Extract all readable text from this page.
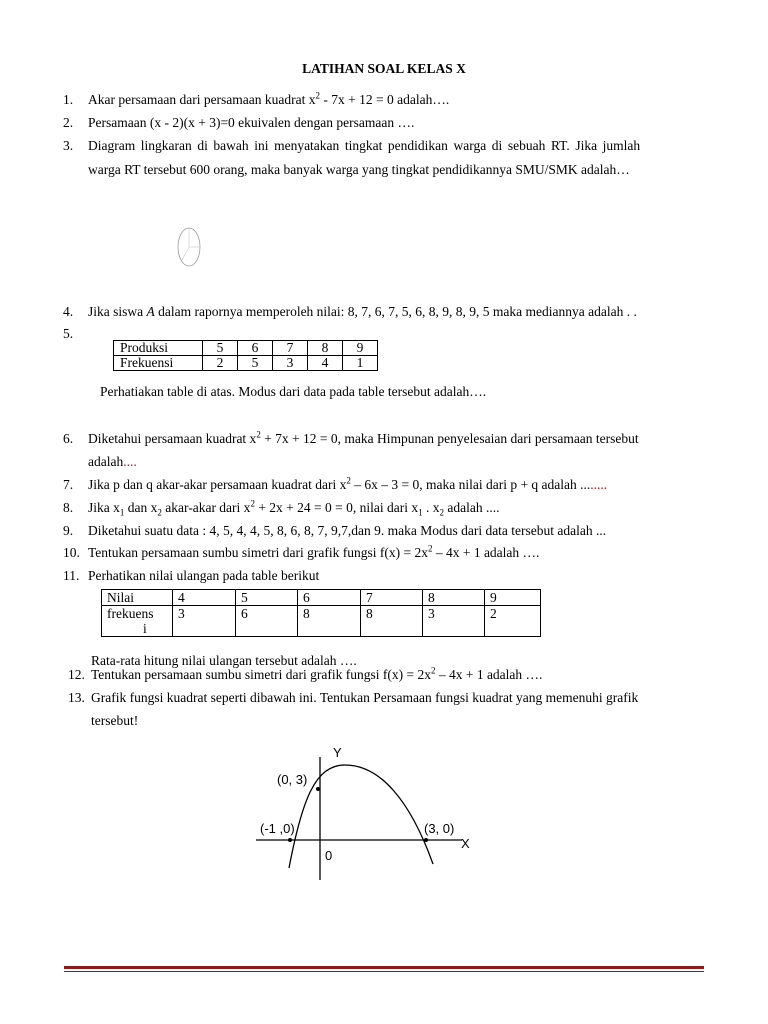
LATIHAN SOAL KELAS X
1. Akar persamaan dari persamaan kuadrat $x^2 - 7x + 12 = 0$ adalah….
2. Persamaan (x - 2)(x + 3)=0 ekuivalen dengan persamaan ….
3. Diagram lingkaran di bawah ini menyatakan tingkat pendidikan warga di sebuah RT. Jika jumlah
warga RT tersebut 600 orang, maka banyak warga yang tingkat pendidikannya SMU/SMK adalah…
4. Jika siswa A dalam rapornya memperoleh nilai: 8, 7, 6, 7, 5, 6, 8, 9, 8, 9, 5 maka mediannya adalah . .
5.
Produksi	5	6	7	8	9
Frekuensi	2	5	3	4	1
Perhatiakan table di atas. Modus dari data pada table tersebut adalah….
6. Diketahui persamaan kuadrat $x^2 + 7x + 12 = 0$, maka Himpunan penyelesaian dari persamaan tersebut
adalah....
7. Jika p dan q akar-akar persamaan kuadrat dari $x^2 - 6x - 3 = 0$, maka nilai dari p + q adalah ........
8. Jika $x_1$ dan $x_2$ akar-akar dari $x^2 + 2x + 24 = 0 = 0$, nilai dari $x_1$ . $x_2$ adalah ....
9. Diketahui suatu data : 4, 5, 4, 4, 5, 8, 6, 8, 7, 9,7,dan 9. maka Modus dari data tersebut adalah ...
10. Tentukan persamaan sumbu simetri dari grafik fungsi $f(x) = 2x^2 - 4x + 1$ adalah ….
11. Perhatikan nilai ulangan pada table berikut
Nilai	4	5	6	7	8	9
frekuens
i	3	6	8	8	3	2
Rata-rata hitung nilai ulangan tersebut adalah ….
12. Tentukan persamaan sumbu simetri dari grafik fungsi $f(x) = 2x^2 - 4x + 1$ adalah ….
13. Grafik fungsi kuadrat seperti dibawah ini. Tentukan Persamaan fungsi kuadrat yang memenuhi grafik
tersebut!
Y
X
0
(0, 3)
(-1 ,0)	(3, 0)
